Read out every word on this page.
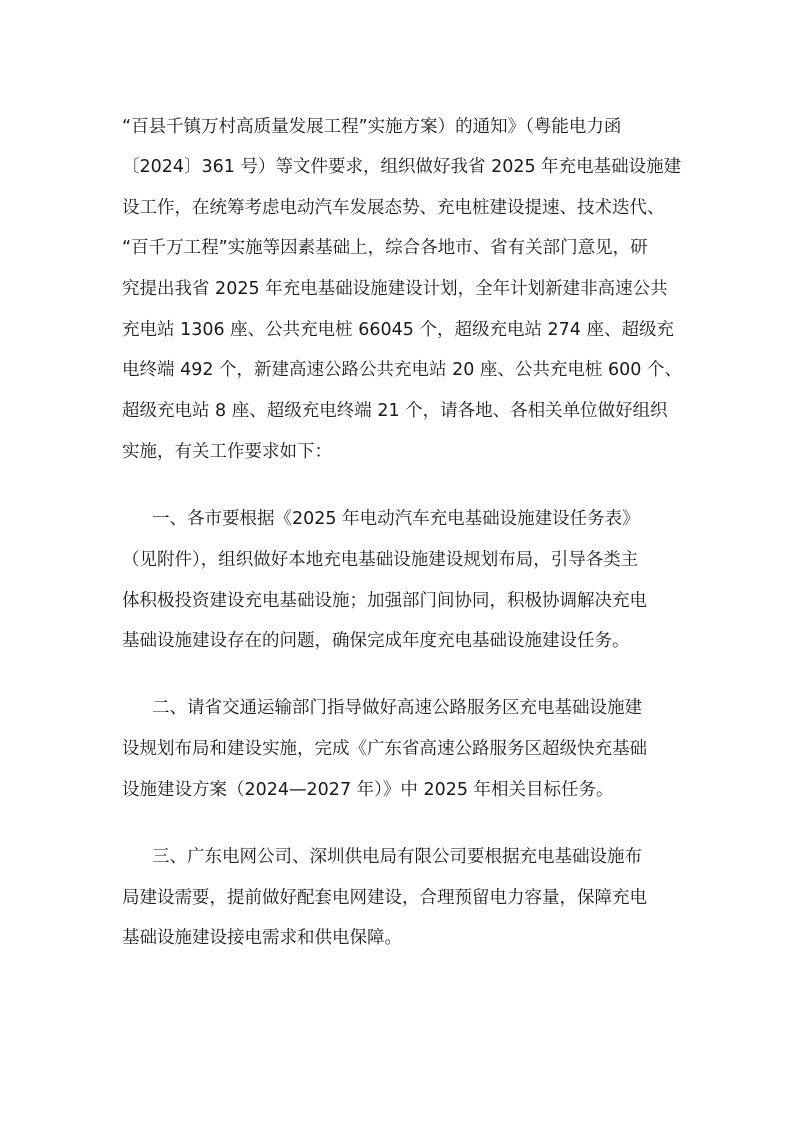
“百县千镇万村高质量发展工程”实施方案）的通知》（粤能电力函
〔2024〕361 号）等文件要求，组织做好我省 2025 年充电基础设施建
设工作，在统筹考虑电动汽车发展态势、充电桩建设提速、技术迭代、
“百千万工程”实施等因素基础上，综合各地市、省有关部门意见，研
究提出我省 2025 年充电基础设施建设计划，全年计划新建非高速公共
充电站 1306 座、公共充电桩 66045 个，超级充电站 274 座、超级充
电终端 492 个，新建高速公路公共充电站 20 座、公共充电桩 600 个、
超级充电站 8 座、超级充电终端 21 个，请各地、各相关单位做好组织
实施，有关工作要求如下：
一、各市要根据《2025 年电动汽车充电基础设施建设任务表》
（见附件），组织做好本地充电基础设施建设规划布局，引导各类主
体积极投资建设充电基础设施；加强部门间协同，积极协调解决充电
基础设施建设存在的问题，确保完成年度充电基础设施建设任务。
二、请省交通运输部门指导做好高速公路服务区充电基础设施建
设规划布局和建设实施，完成《广东省高速公路服务区超级快充基础
设施建设方案（2024—2027 年）》中 2025 年相关目标任务。
三、广东电网公司、深圳供电局有限公司要根据充电基础设施布
局建设需要，提前做好配套电网建设，合理预留电力容量，保障充电
基础设施建设接电需求和供电保障。
